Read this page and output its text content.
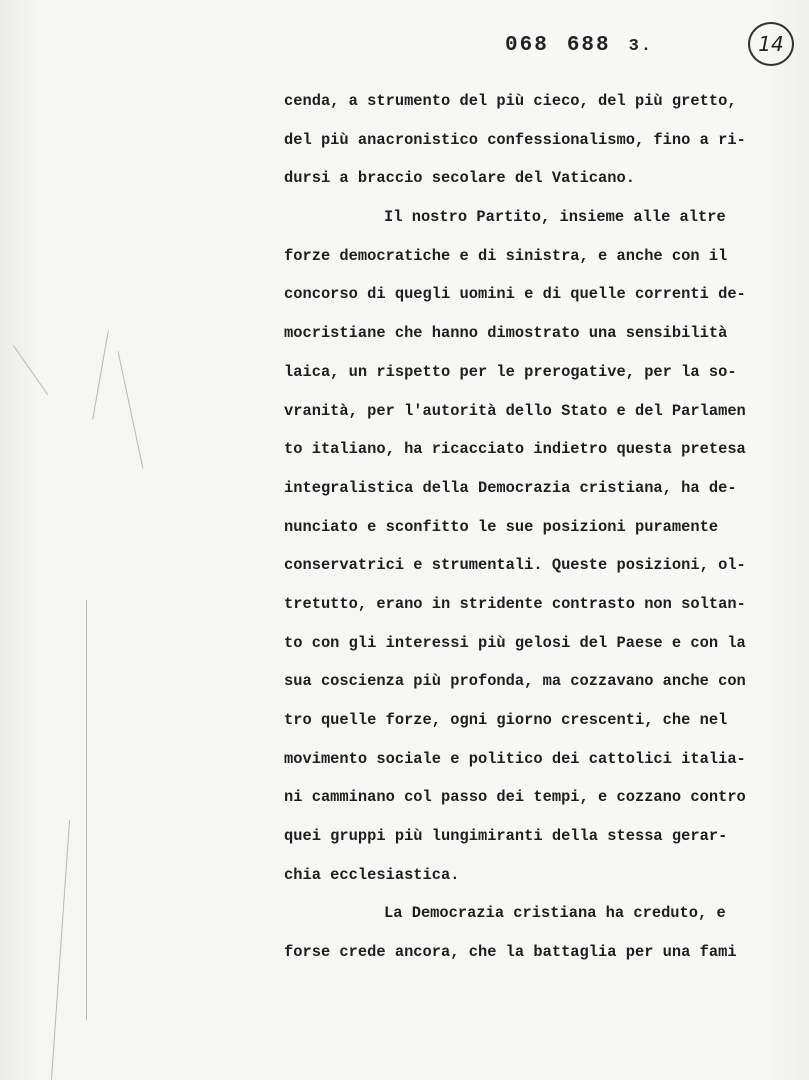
068 688 3.	14
cenda, a strumento del più cieco, del più gretto,
del più anacronistico confessionalismo, fino a ri-
dursi a braccio secolare del Vaticano.
Il nostro Partito, insieme alle altre
forze democratiche e di sinistra, e anche con il
concorso di quegli uomini e di quelle correnti de-
mocristiane che hanno dimostrato una sensibilità
laica, un rispetto per le prerogative, per la so-
vranità, per l'autorità dello Stato e del Parlamen
to italiano, ha ricacciato indietro questa pretesa
integralistica della Democrazia cristiana, ha de-
nunciato e sconfitto le sue posizioni puramente
conservatrici e strumentali. Queste posizioni, ol-
tretutto, erano in stridente contrasto non soltan-
to con gli interessi più gelosi del Paese e con la
sua coscienza più profonda, ma cozzavano anche con
tro quelle forze, ogni giorno crescenti, che nel
movimento sociale e politico dei cattolici italia-
ni camminano col passo dei tempi, e cozzano contro
quei gruppi più lungimiranti della stessa gerar-
chia ecclesiastica.
La Democrazia cristiana ha creduto, e
forse crede ancora, che la battaglia per una fami
